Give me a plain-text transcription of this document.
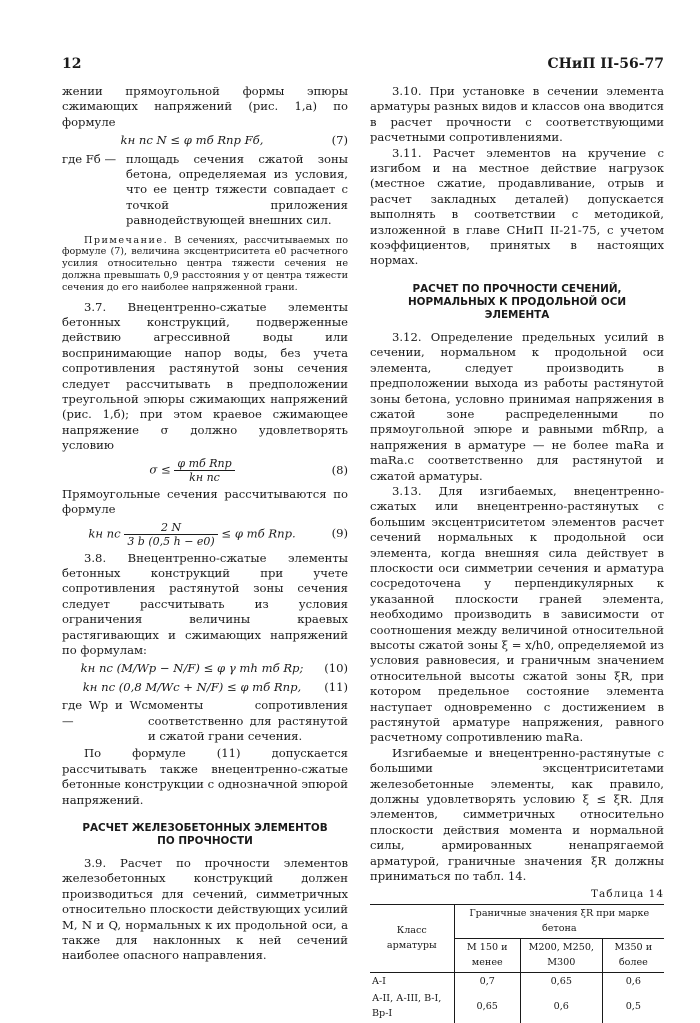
12	СНиП II-56-77

жении прямоугольной формы эпюры сжимающих напряжений (рис. 1,а) по формуле

kн nс N ≤ φ mб Rпр Fб,	(7)
где Fб — площадь сечения сжатой зоны бетона, определяемая из условия, что ее центр тяжести совпадает с точкой приложения равнодействующей внешних сил.

Примечание. В сечениях, рассчитываемых по формуле (7), величина эксцентриситета e0 расчетного усилия относительно центра тяжести сечения не должна превышать 0,9 расстояния y от центра тяжести сечения до его наиболее напряженной грани.

3.7. Внецентренно-сжатые элементы бетонных конструкций, подверженные действию агрессивной воды или воспринимающие напор воды, без учета сопротивления растянутой зоны сечения следует рассчитывать в предположении треугольной эпюры сжимающих напряжений (рис. 1,б); при этом краевое сжимающее напряжение σ должно удовлетворять условию

$\sigma \le \frac{\text{φ mб Rпр}}{\text{kн nс}}$	(8)

Прямоугольные сечения рассчитываются по формуле

kн nс $\frac{2 N}{3 b (0,5 h - e0)} \le \varphi$ mб Rпр.	(9)

3.8. Внецентренно-сжатые элементы бетонных конструкций при учете сопротивления растянутой зоны сечения следует рассчитывать из условия ограничения величины краевых растягивающих и сжимающих напряжений по формулам:

kн nс (M/Wр − N/F) ≤ φ γ mh mб Rр;	(10)
kн nс (0,8 M/Wс + N/F) ≤ φ mб Rпр,	(11)
где Wр и Wс —
моменты сопротивления соответственно для растянутой и сжатой грани сечения.

По формуле (11) допускается рассчитывать также внецентренно-сжатые бетонные конструкции с однозначной эпюрой напряжений.

РАСЧЕТ ЖЕЛЕЗОБЕТОННЫХ ЭЛЕМЕНТОВ ПО ПРОЧНОСТИ

3.9. Расчет по прочности элементов железобетонных конструкций должен производиться для сечений, симметричных относительно плоскости действующих усилий M, N и Q, нормальных к их продольной оси, а также для наклонных к ней сечений наиболее опасного направления.

3.10. При установке в сечении элемента арматуры разных видов и классов она вводится в расчет прочности с соответствующими расчетными сопротивлениями.

3.11. Расчет элементов на кручение с изгибом и на местное действие нагрузок (местное сжатие, продавливание, отрыв и расчет закладных деталей) допускается выполнять в соответствии с методикой, изложенной в главе СНиП II-21-75, с учетом коэффициентов, принятых в настоящих нормах.

РАСЧЕТ ПО ПРОЧНОСТИ СЕЧЕНИЙ, НОРМАЛЬНЫХ К ПРОДОЛЬНОЙ ОСИ ЭЛЕМЕНТА

3.12. Определение предельных усилий в сечении, нормальном к продольной оси элемента, следует производить в предположении выхода из работы растянутой зоны бетона, условно принимая напряжения в сжатой зоне распределенными по прямоугольной эпюре и равными mбRпр, а напряжения в арматуре — не более maRa и maRa.c соответственно для растянутой и сжатой арматуры.

3.13. Для изгибаемых, внецентренно-сжатых или внецентренно-растянутых с большим эксцентриситетом элементов расчет сечений нормальных к продольной оси элемента, когда внешняя сила действует в плоскости оси симметрии сечения и арматура сосредоточена у перпендикулярных к указанной плоскости граней элемента, необходимо производить в зависимости от соотношения между величиной относительной высоты сжатой зоны ξ = x/h0, определяемой из условия равновесия, и граничным значением относительной высоты сжатой зоны ξR, при котором предельное состояние элемента наступает одновременно с достижением в растянутой арматуре напряжения, равного расчетному сопротивлению maRa.

Изгибаемые и внецентренно-растянутые с большими эксцентриситетами железобетонные элементы, как правило, должны удовлетворять условию ξ ≤ ξR. Для элементов, симметричных относительно плоскости действия момента и нормальной силы, армированных ненапрягаемой арматурой, граничные значения ξR должны приниматься по табл. 14.

Таблица 14
Класс арматуры	Граничные значения ξR при марке бетона		
	М 150 и менее	М200, М250, М300	М350 и более
A-I	0,7	0,65	0,6
А-II, А-III, В-I, Вр-I	0,65	0,6	0,5
